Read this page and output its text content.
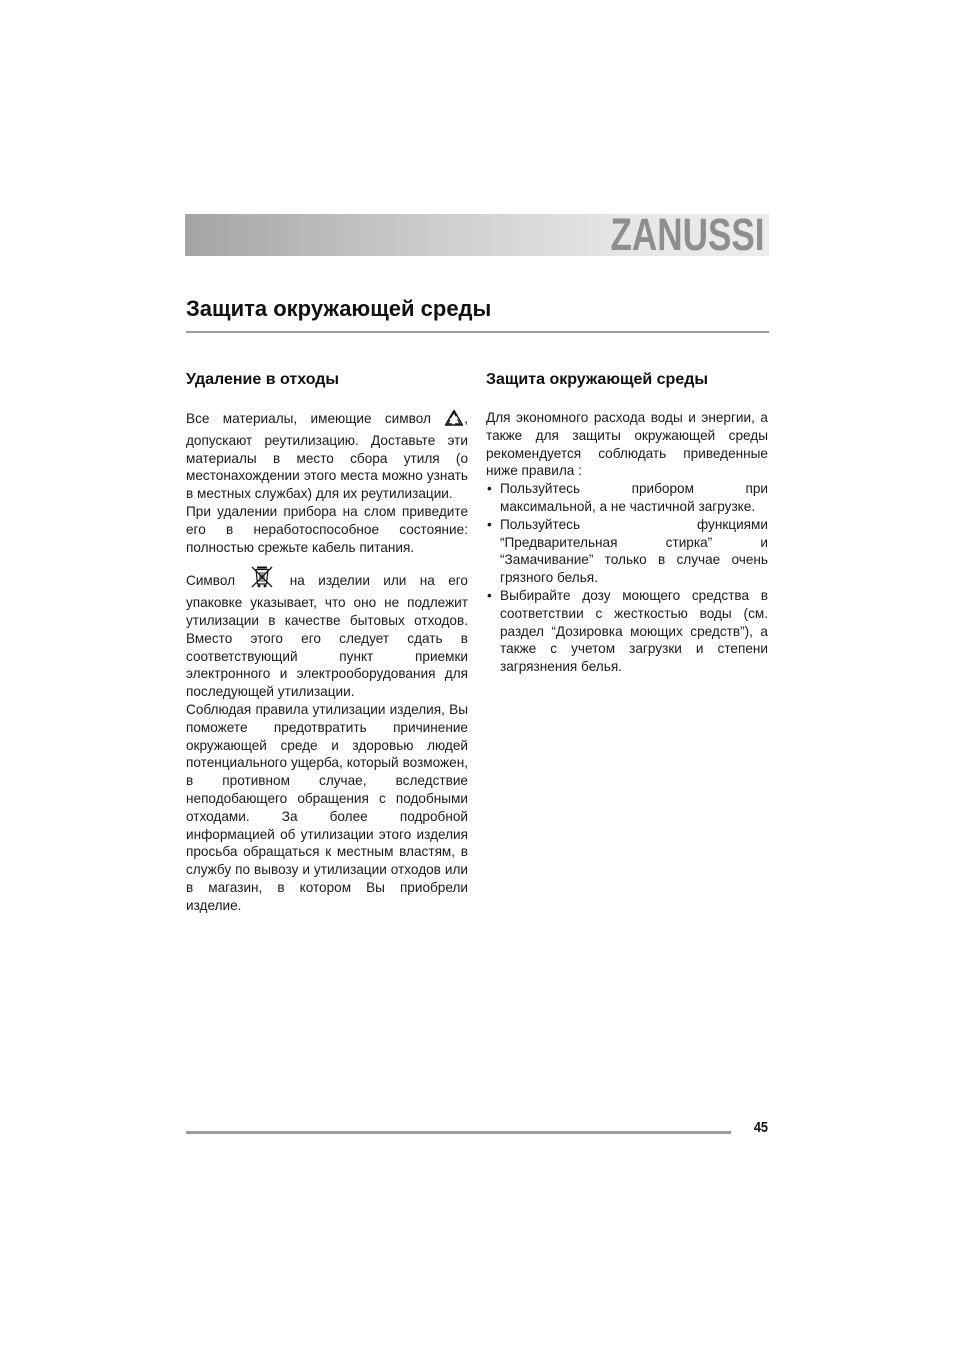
ZANUSSI
Защита окружающей среды
Удаление в отходы

Все материалы, имеющие символ , допускают реутилизацию. Доставьте эти материалы в место сбора утиля (о местонахождении этого места можно узнать в местных службах) для их реутилизации.

При удалении прибора на слом приведите его в неработоспособное состояние: полностью срежьте кабель питания.

Символ	на изделии или на его упаковке указывает, что оно не подлежит утилизации в качестве бытовых отходов. Вместо этого его следует сдать в соответствующий пункт приемки электронного и электрооборудования для последующей утилизации.

Соблюдая правила утилизации изделия, Вы поможете предотвратить причинение окружающей среде и здоровью людей потенциального ущерба, который возможен, в противном случае, вследствие неподобающего обращения с подобными отходами. За более подробной информацией об утилизации этого изделия просьба обращаться к местным властям, в службу по вывозу и утилизации отходов или в магазин, в котором Вы приобрели изделие.

Защита окружающей среды

Для экономного расхода воды и энергии, а также для защиты окружающей среды рекомендуется соблюдать приведенные ниже правила :

• Пользуйтесь прибором при максимальной, а не частичной загрузке.
• Пользуйтесь функциями “Предварительная стирка” и “Замачивание” только в случае очень грязного белья.
• Выбирайте дозу моющего средства в соответствии с жесткостью воды (см. раздел “Дозировка моющих средств”), а также с учетом загрузки и степени загрязнения белья.
45
